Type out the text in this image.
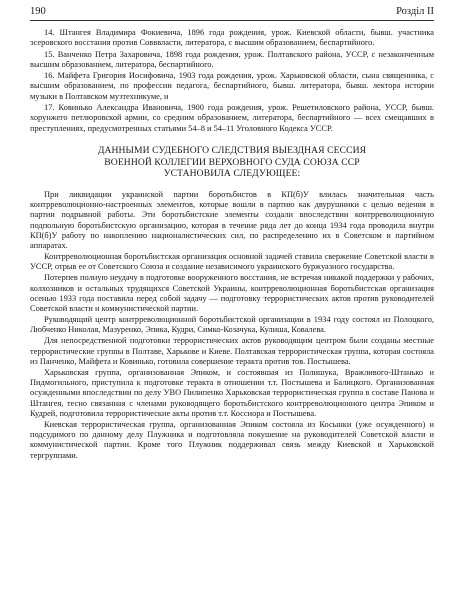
190	Розділ II

14. Штангея Владимира Фокиевича, 1896 года рождения, урож. Киевской области, бывш. участника эсеровского восстания против Совввласти, литератора, с высшим образованием, беспартийного.

15. Ванченко Петра Захаровича, 1898 года рождения, урож. Полтавского района, УССР, с незаконченным высшим образованием, литератора, беспартийного.

16. Майфета Григория Иосифовича, 1903 года рождения, урож. Харьковской области, сына священника, с высшим образованием, по профессии педагога, беспартийного, бывш. литератора, бывш. лектора истории музыки в Полтавском музтехникуме, и

17. Ковинько Александра Ивановича, 1900 года рождения, урож. Решетиловского района, УССР, бывш. хорунжего петлюровской армии, со средним образованием, литератора, беспартийного — всех смещавших в преступлениях, предусмотренных статьями 54–8 и 54–11 Уголовного Кодекса УССР.

ДАННЫМИ СУДЕБНОГО СЛЕДСТВИЯ ВЫЕЗДНАЯ СЕССИЯ
ВОЕННОЙ КОЛЛЕГИИ ВЕРХОВНОГО СУДА СОЮЗА ССР
УСТАНОВИЛА СЛЕДУЮЩЕЕ:

При ликвидации украинской партии боротьбистов в КП(б)У влилась значительная часть контрреволюционно-настроенных элементов, которые вошли в партию как двурушники с целью ведения в партии подрывной работы. Эти боротьбистские элементы создали впоследствии контрреволюционную подпольную боротьбистскую организацию, которая в течение ряда лет до конца 1934 года проводила внутри КП(б)У работу по накоплению националистических сил, по распределению их в Советском и партийном аппаратах.

Контрреволюционная боротьбистская организация основной задачей ставила свержение Советской власти в УССР, отрыв ее от Советского Союза и создание независимого украинского буржуазного государства.

Потерпев полную неудачу в подготовке вооруженного восстания, не встречая никакой поддержки у рабочих, колхозников и остальных трудящихся Советской Украины, контрреволюционная боротьбистская организация осенью 1933 года поставила перед собой задачу — подготовку террористических актов против руководителей Советской власти и коммунистической партии.

Руководящий центр контрреволюционной боротьбистской организации в 1934 году состоял из Полоцкого, Любченко Николая, Мазуренко, Эпика, Кудри, Симко-Козачука, Кулиша, Ковалева.

Для непосредственной подготовки террористических актов руководящим центром были созданы местные террористические группы в Полтаве, Харькове и Киеве. Полтавская террористическая группа, которая состояла из Панченко, Майфета и Ковинько, готовила совершение теракта против тов. Постышева.

Харьковская группа, организованная Эпиком, и состоявшая из Полишука, Вражливого-Штанько и Пидмогильного, приступила к подготовке теракта в отношении т.т. Постышева и Балицкого. Организованная осужденными впоследствии по делу УВО Пилипенко Харьковская террористическая группа в составе Панова и Штангея, тесно связанная с членами руководящего боротьбистского контрреволюционного центра Эпиком и Кудрей, подготовила террористические акты против т.т. Коссиора и Постышева.

Киевская террористическая группа, организованная Эпиком состояла из Косынки (уже осужденного) и подсудимого по данному делу Плужника и подготовляла покушение на руководителей Советской власти и коммунистической партии. Кроме того Плужник поддерживал связь между Киевской и Харьковской тергруппами.
